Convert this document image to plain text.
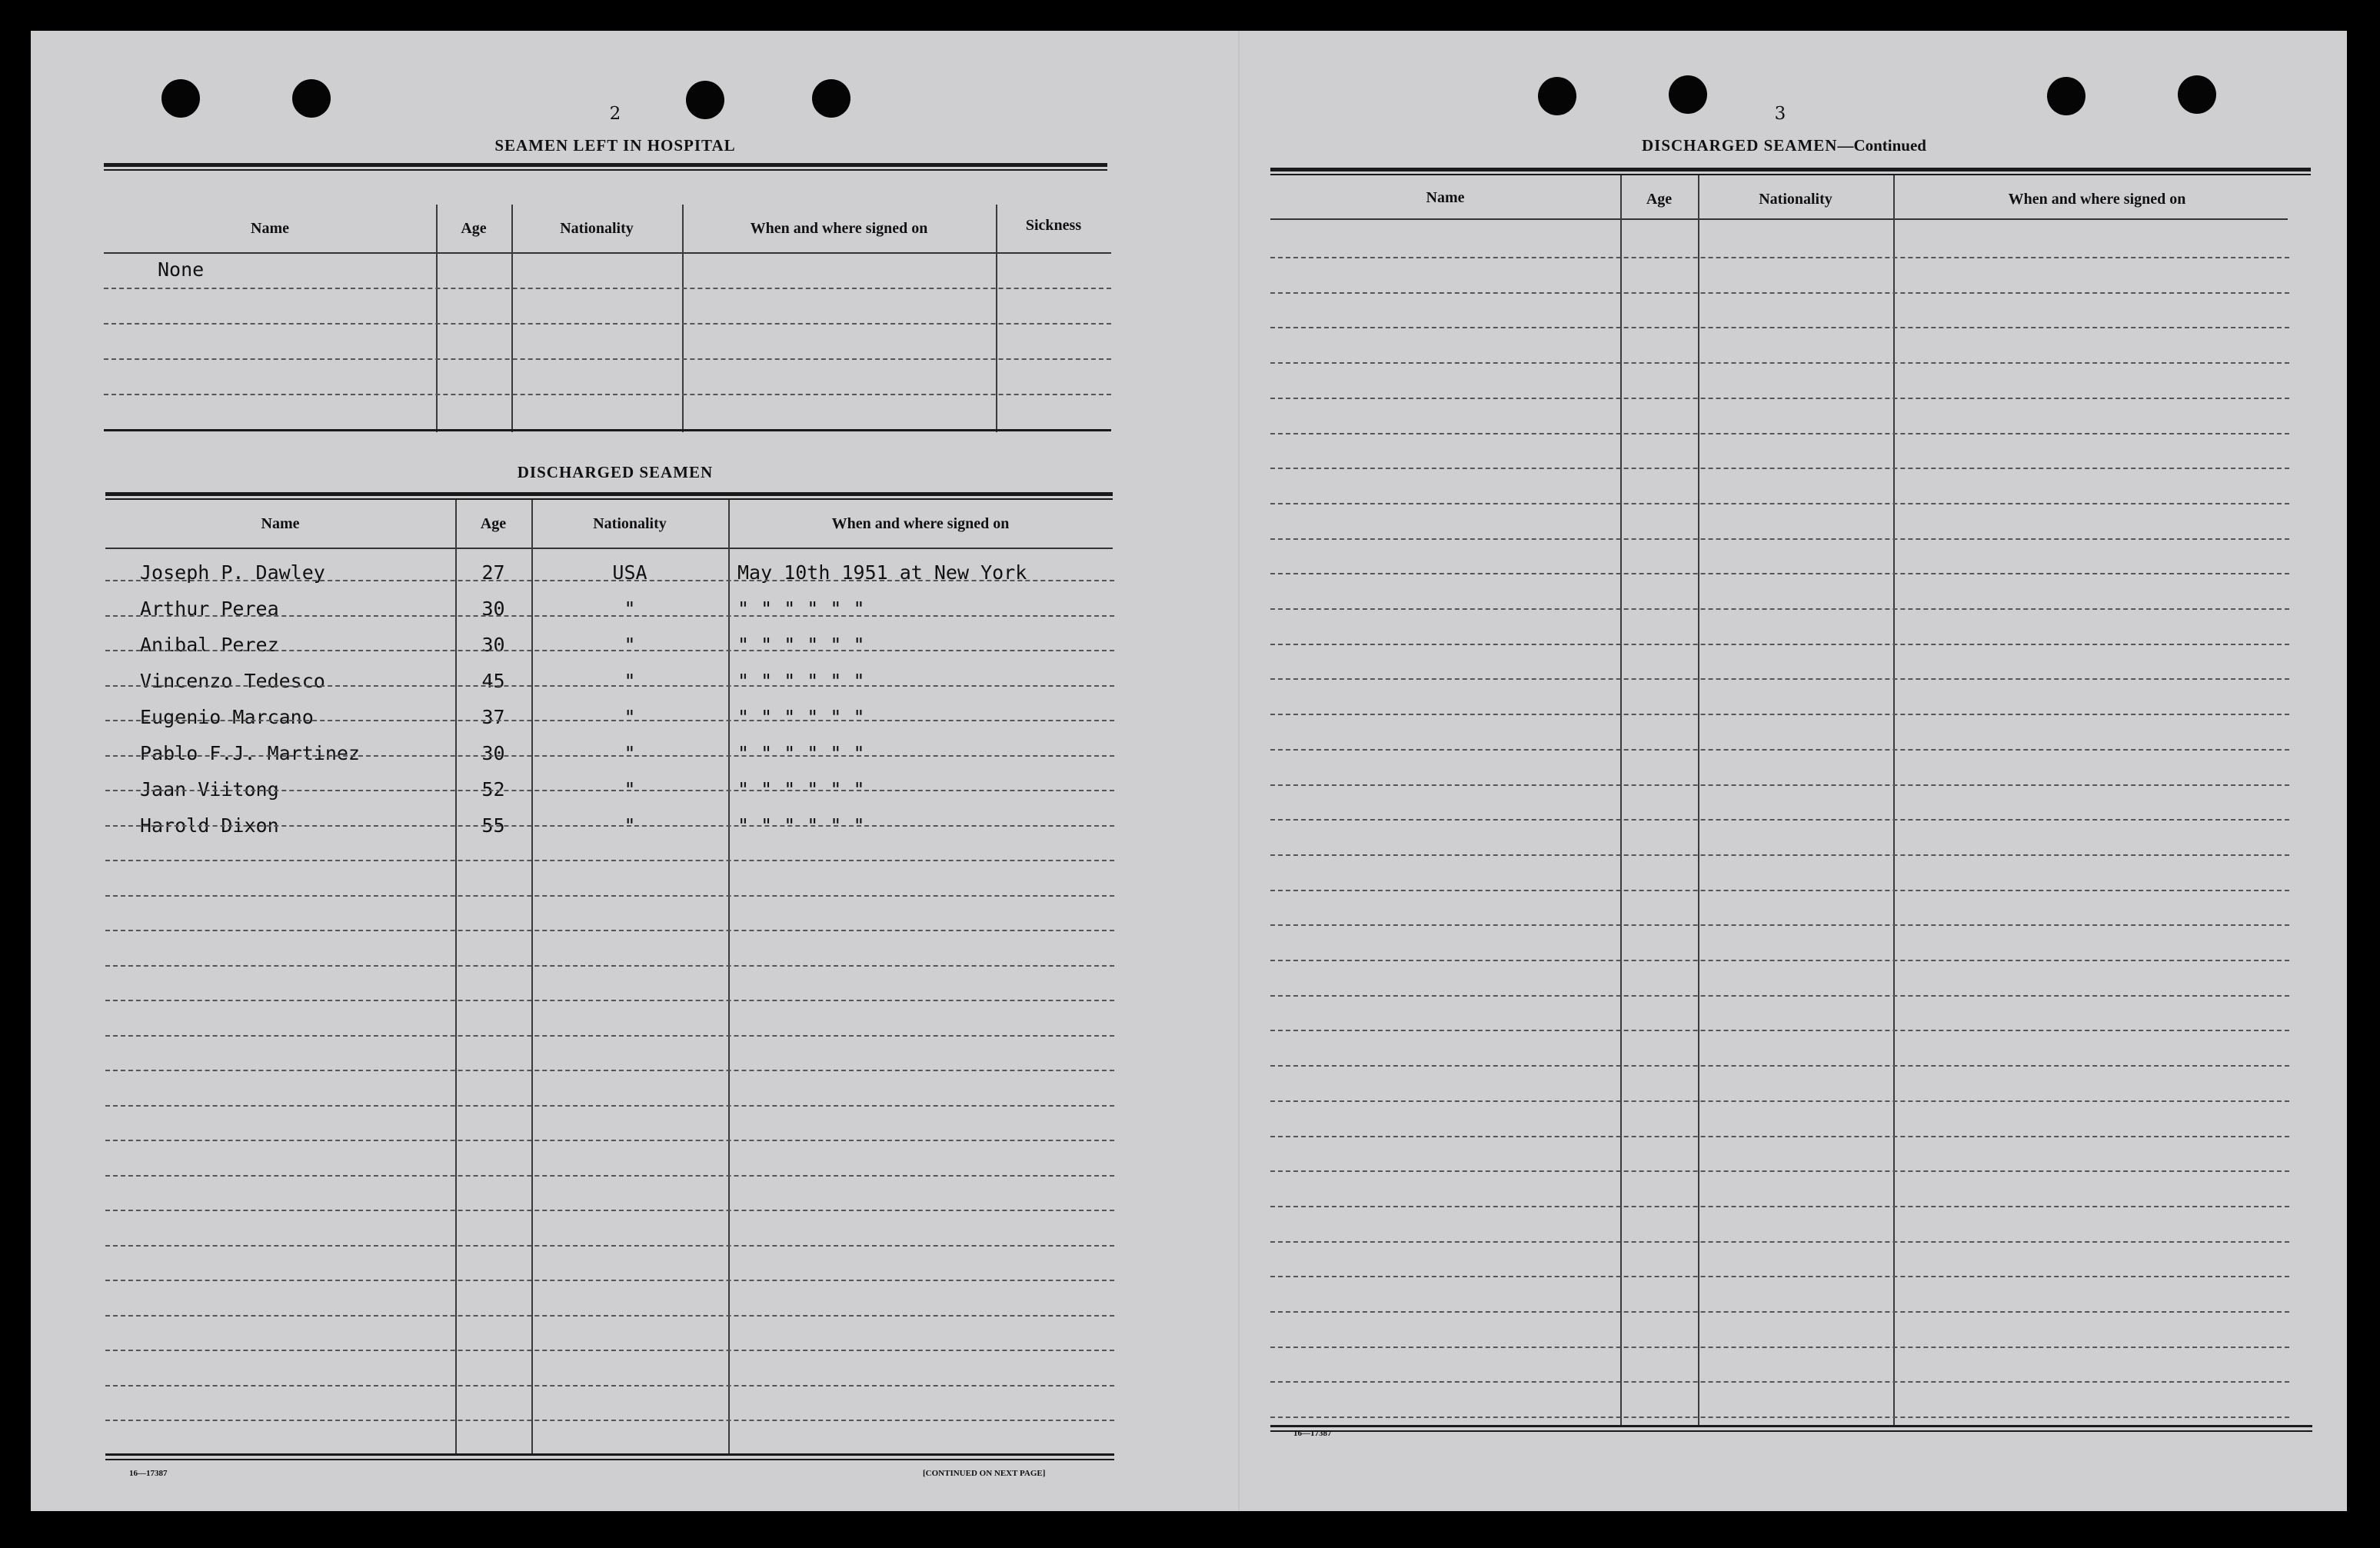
2
SEAMEN LEFT IN HOSPITAL
Name	Age	Nationality	When and where signed on	Sickness
None
DISCHARGED SEAMEN
Name	Age	Nationality	When and where signed on
Joseph P. Dawley	27	USA	May 10th 1951 at New York
Arthur Perea	30	"	" " " " " "
Anibal Perez	30	"	" " " " " "
Vincenzo Tedesco	45	"	" " " " " "
Eugenio Marcano	37	"	" " " " " "
Pablo F.J. Martinez	30	"	" " " " " "
Jaan Viitong	52	"	" " " " " "
Harold Dixon	55	"	" " " " " "
16—17387	[CONTINUED ON NEXT PAGE]
3
DISCHARGED SEAMEN—Continued
Name	Age	Nationality	When and where signed on
16—17387
